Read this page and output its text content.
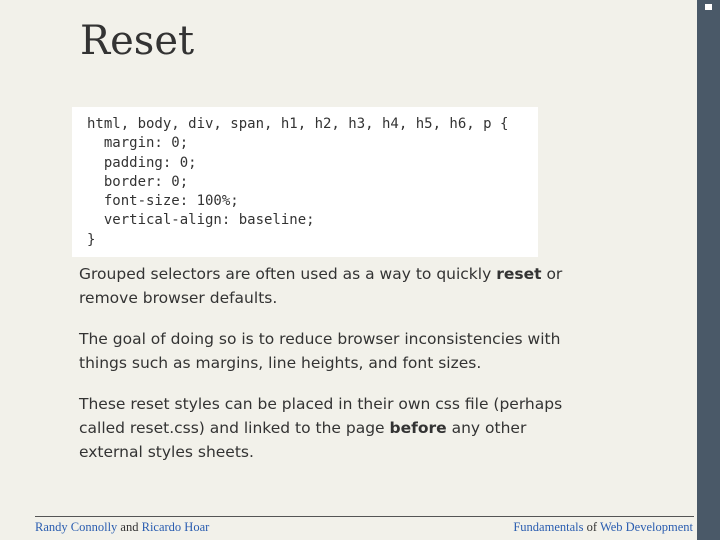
Reset
html, body, div, span, h1, h2, h3, h4, h5, h6, p {
margin: 0;
padding: 0;
border: 0;
font-size: 100%;
vertical-align: baseline;
}
Grouped selectors are often used as a way to quickly reset or remove browser defaults.
The goal of doing so is to reduce browser inconsistencies with things such as margins, line heights, and font sizes.
These reset styles can be placed in their own css file (perhaps called reset.css) and linked to the page before any other external styles sheets.
Randy Connolly and Ricardo Hoar	Fundamentals of Web Development
